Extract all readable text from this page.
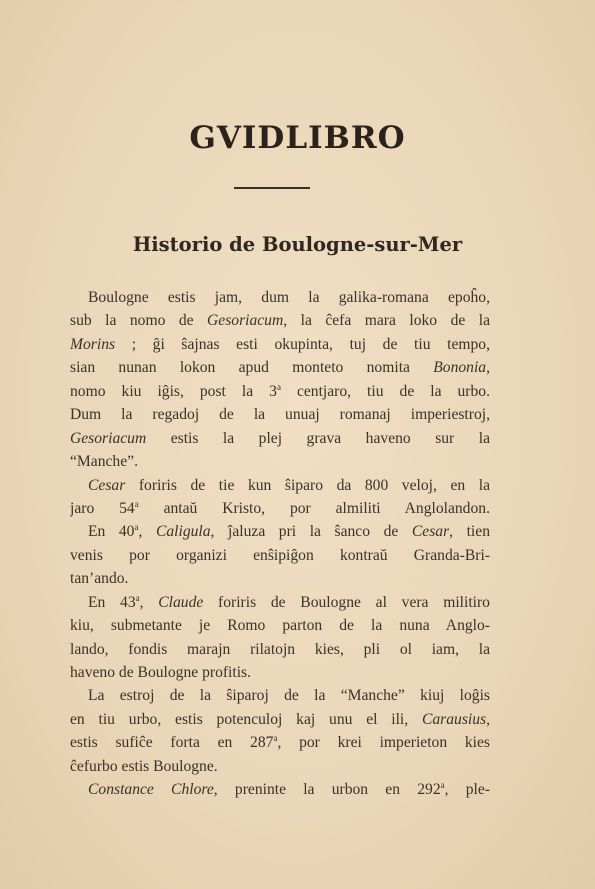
GVIDLIBRO
Historio de Boulogne-sur-Mer
Boulogne estis jam, dum la galika-romana epoĥo,
sub la nomo de Gesoriacum, la ĉefa mara loko de la
Morins ; ĝi ŝajnas esti okupinta, tuj de tiu tempo,
sian nunan lokon apud monteto nomita Bononia,
nomo kiu iĝis, post la 3$^a$ centjaro, tiu de la urbo.
Dum la regadoj de la unuaj romanaj imperiestroj,
Gesoriacum estis la plej grava haveno sur la
“Manche”.
Cesar foriris de tie kun ŝiparo da 800 veloj, en la
jaro 54$^a$ antaŭ Kristo, por almiliti Anglolandon.
En 40$^a$, Caligula, ĵaluza pri la ŝanco de Cesar, tien
venis por organizi enŝipiĝon kontraŭ Granda-Bri-
tan’ando.
En 43$^a$, Claude foriris de Boulogne al vera militiro
kiu, submetante je Romo parton de la nuna Anglo-
lando, fondis marajn rilatojn kies, pli ol iam, la
haveno de Boulogne profitis.
La estroj de la ŝiparoj de la “Manche” kiuj loĝis
en tiu urbo, estis potenculoj kaj unu el ili, Carausius,
estis sufiĉe forta en 287$^a$, por krei imperieton kies
ĉefurbo estis Boulogne.
Constance Chlore, preninte la urbon en 292$^a$, ple-
